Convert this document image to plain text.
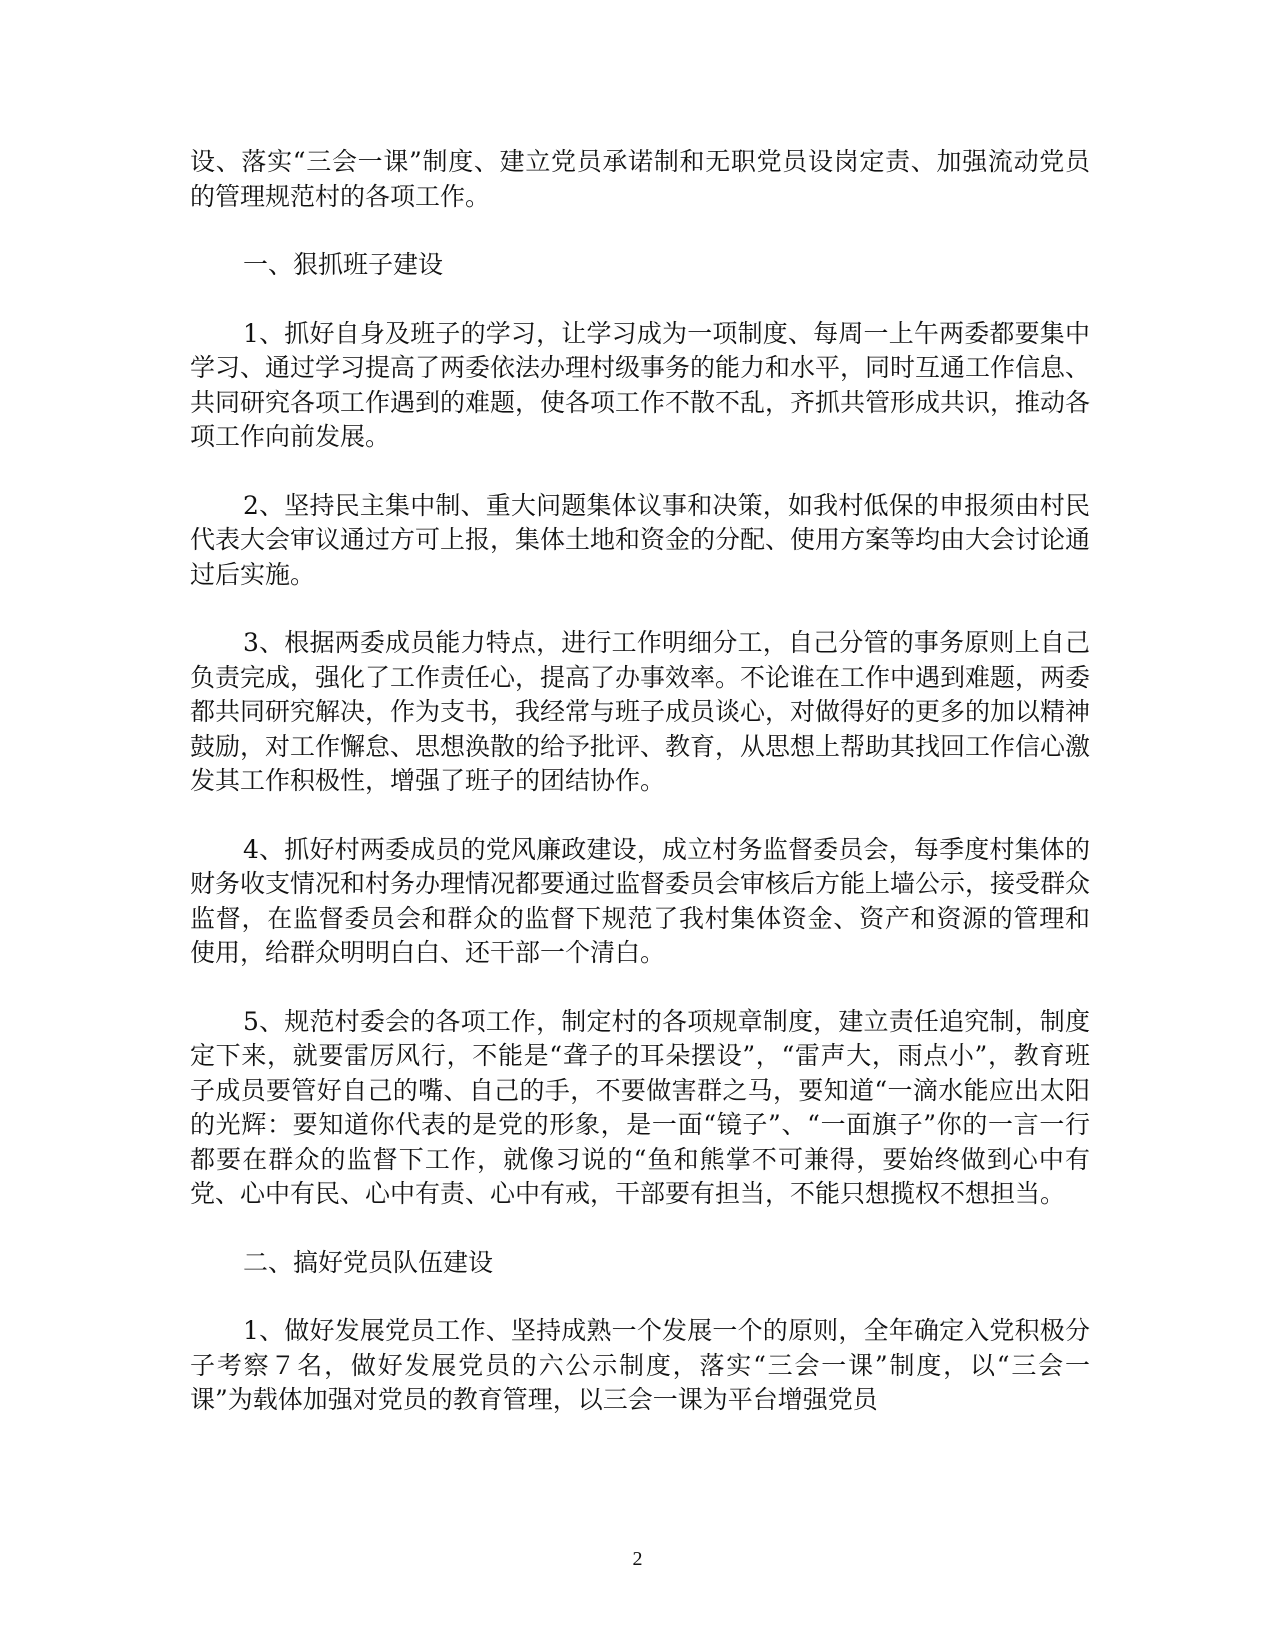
设、落实“三会一课”制度、建立党员承诺制和无职党员设岗定责、加强流动党员的管理规范村的各项工作。

一、狠抓班子建设

1、抓好自身及班子的学习，让学习成为一项制度、每周一上午两委都要集中学习、通过学习提高了两委依法办理村级事务的能力和水平，同时互通工作信息、共同研究各项工作遇到的难题，使各项工作不散不乱，齐抓共管形成共识，推动各项工作向前发展。

2、坚持民主集中制、重大问题集体议事和决策，如我村低保的申报须由村民代表大会审议通过方可上报，集体土地和资金的分配、使用方案等均由大会讨论通过后实施。

3、根据两委成员能力特点，进行工作明细分工，自己分管的事务原则上自己负责完成，强化了工作责任心，提高了办事效率。不论谁在工作中遇到难题，两委都共同研究解决，作为支书，我经常与班子成员谈心，对做得好的更多的加以精神鼓励，对工作懈怠、思想涣散的给予批评、教育，从思想上帮助其找回工作信心激发其工作积极性，增强了班子的团结协作。

4、抓好村两委成员的党风廉政建设，成立村务监督委员会，每季度村集体的财务收支情况和村务办理情况都要通过监督委员会审核后方能上墙公示，接受群众监督，在监督委员会和群众的监督下规范了我村集体资金、资产和资源的管理和 使用，给群众明明白白、还干部一个清白。

5、规范村委会的各项工作，制定村的各项规章制度，建立责任追究制，制度定下来，就要雷厉风行，不能是“聋子的耳朵摆设”，“雷声大，雨点小”，教育班子成员要管好自己的嘴、自己的手，不要做害群之马，要知道“一滴水能应出太阳的光辉：要知道你代表的是党的形象，是一面“镜子”、“一面旗子”你的一言一行都要在群众的监督下工作，就像习说的“鱼和熊掌不可兼得，要始终做到心中有党、心中有民、心中有责、心中有戒，干部要有担当，不能只想揽权不想担当。

二、搞好党员队伍建设

1、做好发展党员工作、坚持成熟一个发展一个的原则，全年确定入党积极分子考察７名，做好发展党员的六公示制度，落实“三会一课”制度，以“三会一课”为载体加强对党员的教育管理，以三会一课为平台增强党员

2
